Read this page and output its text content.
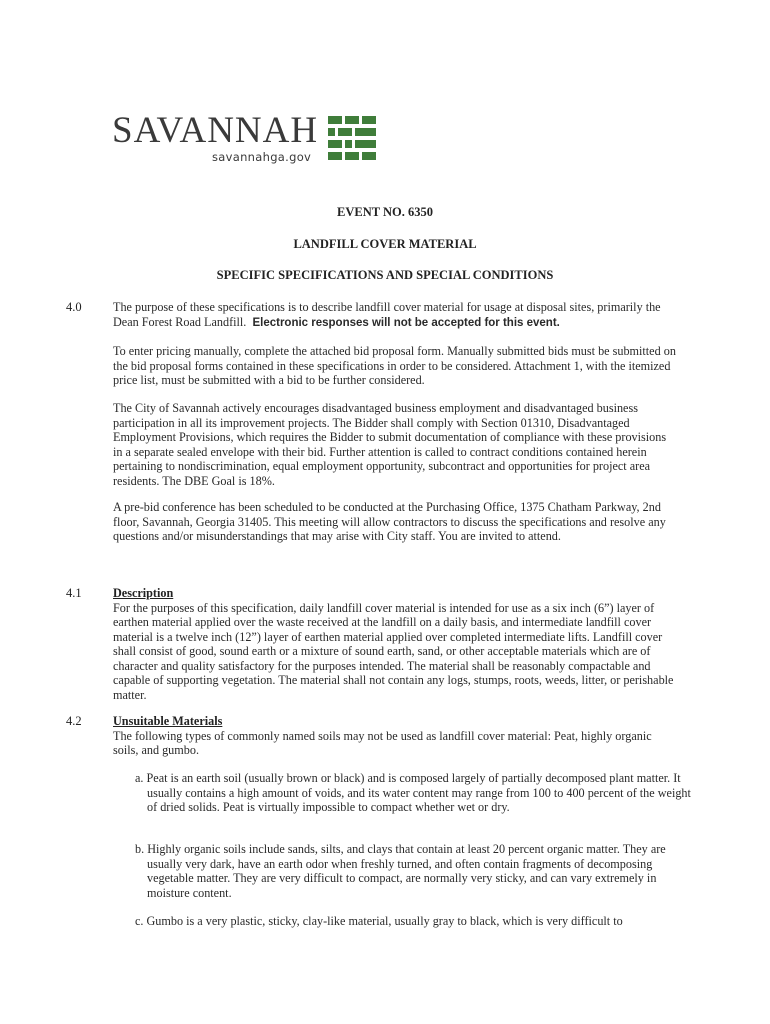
SAVANNAH
savannahga.gov
EVENT NO. 6350
LANDFILL COVER MATERIAL
SPECIFIC SPECIFICATIONS AND SPECIAL CONDITIONS
4.0	The purpose of these specifications is to describe landfill cover material for usage at disposal sites, primarily the Dean Forest Road Landfill. Electronic responses will not be accepted for this event.

To enter pricing manually, complete the attached bid proposal form. Manually submitted bids must be submitted on the bid proposal forms contained in these specifications in order to be considered. Attachment 1, with the itemized price list, must be submitted with a bid to be further considered.

The City of Savannah actively encourages disadvantaged business employment and disadvantaged business participation in all its improvement projects. The Bidder shall comply with Section 01310, Disadvantaged Employment Provisions, which requires the Bidder to submit documentation of compliance with these provisions in a separate sealed envelope with their bid. Further attention is called to contract conditions contained herein pertaining to nondiscrimination, equal employment opportunity, subcontract and opportunities for project area residents. The DBE Goal is 18%.

A pre-bid conference has been scheduled to be conducted at the Purchasing Office, 1375 Chatham Parkway, 2nd floor, Savannah, Georgia 31405. This meeting will allow contractors to discuss the specifications and resolve any questions and/or misunderstandings that may arise with City staff. You are invited to attend.

4.1	Description
For the purposes of this specification, daily landfill cover material is intended for use as a six inch (6”) layer of earthen material applied over the waste received at the landfill on a daily basis, and intermediate landfill cover material is a twelve inch (12”) layer of earthen material applied over completed intermediate lifts. Landfill cover shall consist of good, sound earth or a mixture of sound earth, sand, or other acceptable materials which are of character and quality satisfactory for the purposes intended. The material shall be reasonably compactable and capable of supporting vegetation. The material shall not contain any logs, stumps, roots, weeds, litter, or perishable matter.

4.2	Unsuitable Materials
The following types of commonly named soils may not be used as landfill cover material: Peat, highly organic soils, and gumbo.

a. Peat is an earth soil (usually brown or black) and is composed largely of partially decomposed plant matter. It usually contains a high amount of voids, and its water content may range from 100 to 400 percent of the weight of dried solids. Peat is virtually impossible to compact whether wet or dry.

b. Highly organic soils include sands, silts, and clays that contain at least 20 percent organic matter. They are usually very dark, have an earth odor when freshly turned, and often contain fragments of decomposing vegetable matter. They are very difficult to compact, are normally very sticky, and can vary extremely in moisture content.

c. Gumbo is a very plastic, sticky, clay-like material, usually gray to black, which is very difficult to
